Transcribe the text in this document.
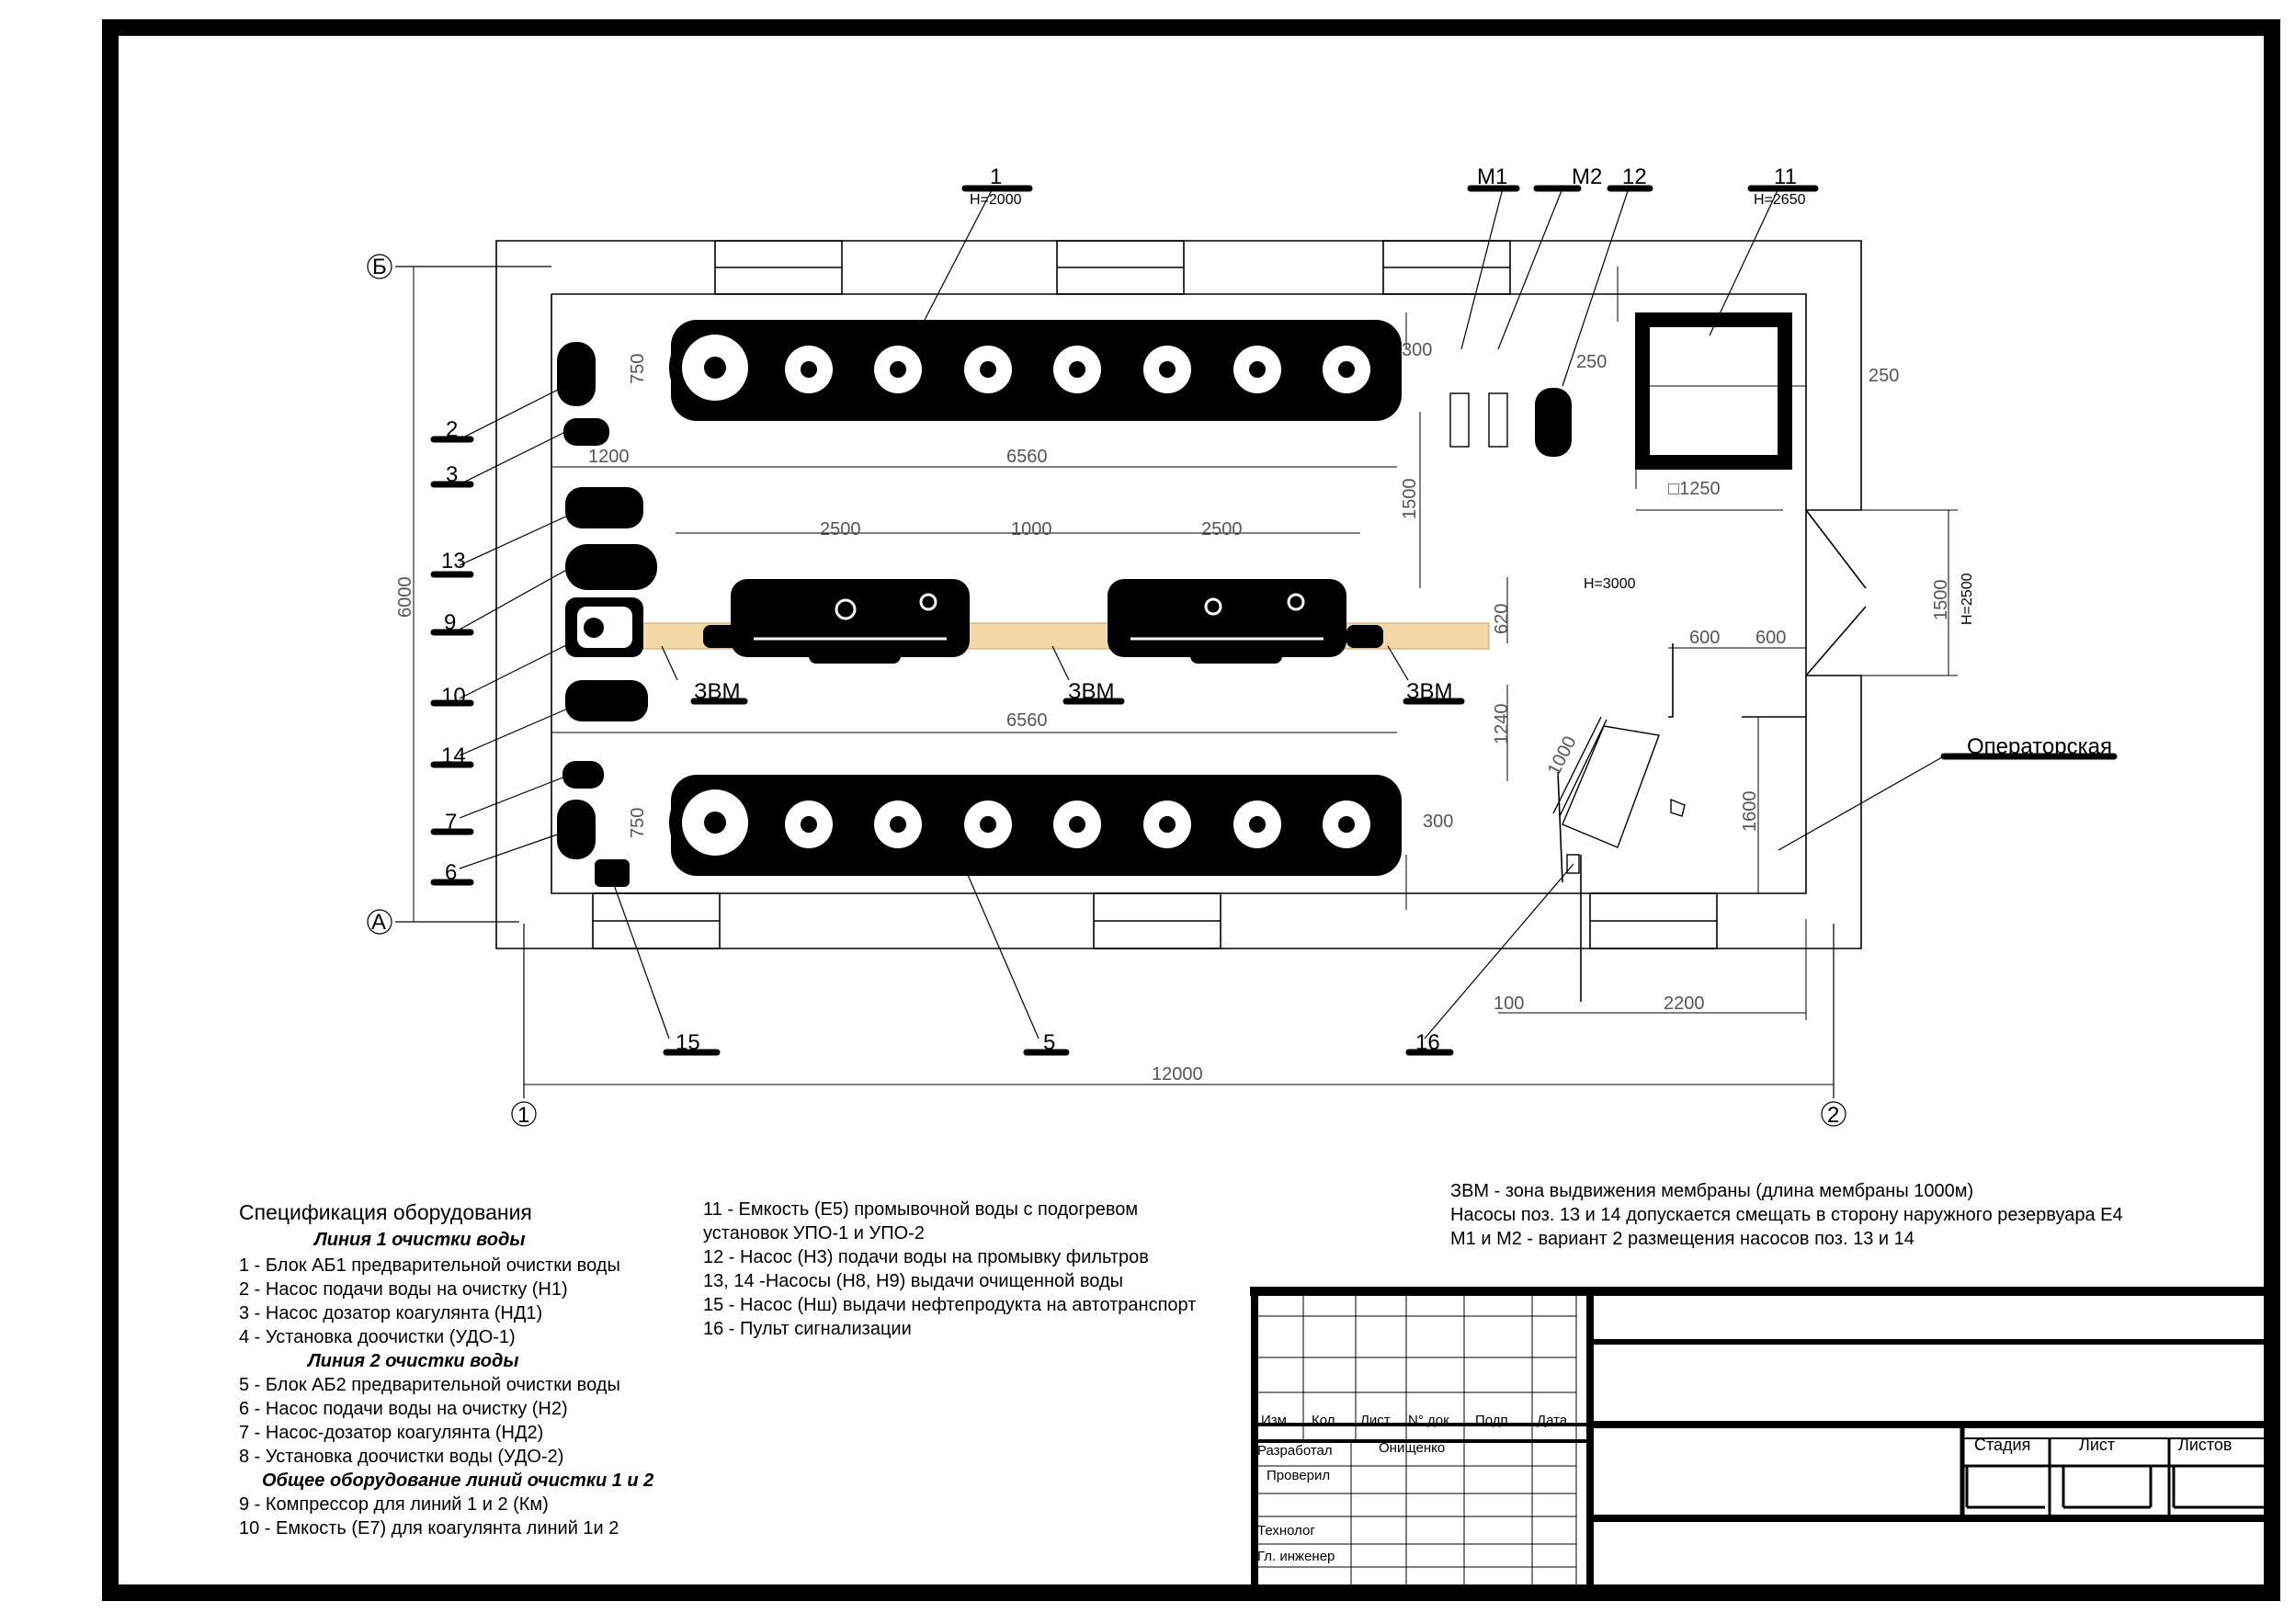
Б
А
1	2
6000
750
1200	6560
300
250
250
□1250
1500
2500	1000	2500
620	1500
600 600
1240
6560
1000
1600
750	300
100	2200
12000
1
H=2000
M1	M2 12	11
H=2650
2
3
13
9
10
14
7
6
ЗВМ	ЗВМ	ЗВМ
15	5	16
Операторская
H=3000	H=2500
Спецификация оборудования
Линия 1 очистки воды
1 - Блок АБ1 предварительной очистки воды
2 - Насос подачи воды на очистку (Н1)
3 - Насос дозатор коагулянта (НД1)
4 - Установка доочистки (УДО-1)
Линия 2 очистки воды
5 - Блок АБ2 предварительной очистки воды
6 - Насос подачи воды на очистку (Н2)
7 - Насос-дозатор коагулянта (НД2)
8 - Установка доочистки воды (УДО-2)
Общее оборудование линий очистки 1 и 2
9 - Компрессор для линий 1 и 2 (Км)
10 - Емкость (Е7) для коагулянта линий 1и 2
11 - Емкость (Е5) промывочной воды с подогревом
установок УПО-1 и УПО-2
12 - Насос (Н3) подачи воды на промывку фильтров
13, 14 -Насосы (Н8, Н9) выдачи очищенной воды
15 - Насос (Нш) выдачи нефтепродукта на автотранспорт
16 - Пульт сигнализации
ЗВМ - зона выдвижения мембраны (длина мембраны 1000м)
Насосы поз. 13 и 14 допускается смещать в сторону наружного резервуара Е4
М1 и М2 - вариант 2 размещения насосов поз. 13 и 14
Изм Кол Лист N° док Подп Дата
Разработал	Онищенко
Проверил
Технолог
Гл. инженер
Стадия	Лист	Листов
